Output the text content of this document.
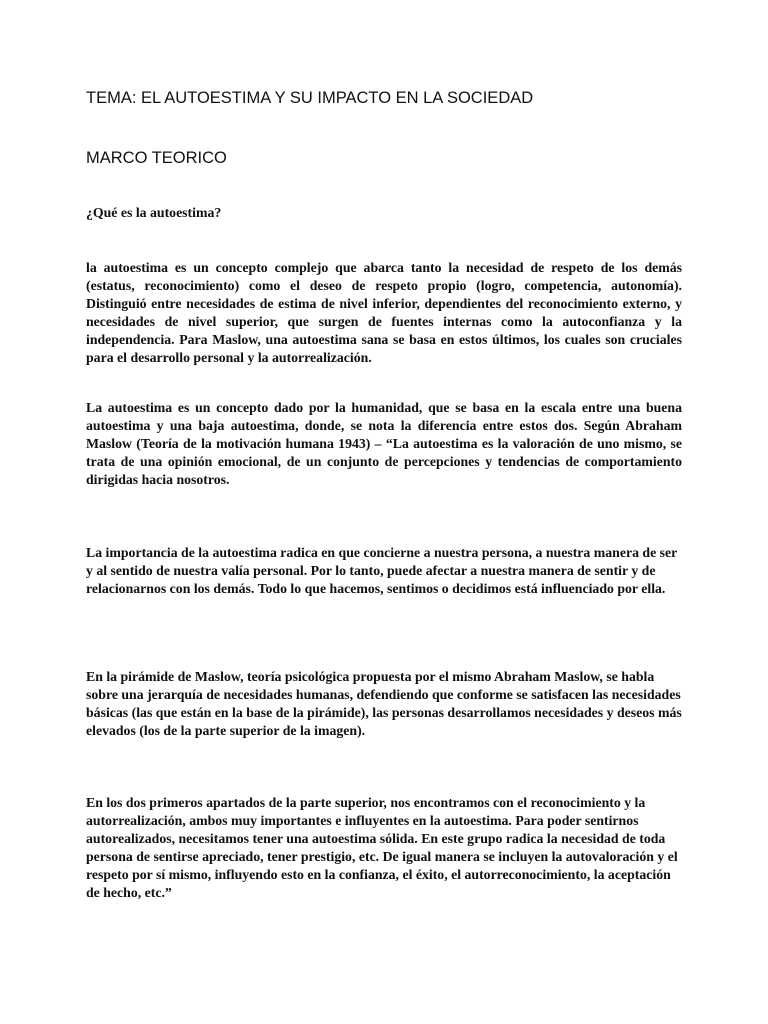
TEMA: EL AUTOESTIMA Y SU IMPACTO EN LA SOCIEDAD
MARCO TEORICO

¿Qué es la autoestima?

la autoestima es un concepto complejo que abarca tanto la necesidad de respeto de los demás (estatus, reconocimiento) como el deseo de respeto propio (logro, competencia, autonomía). Distinguió entre necesidades de estima de nivel inferior, dependientes del reconocimiento externo, y necesidades de nivel superior, que surgen de fuentes internas como la autoconfianza y la independencia. Para Maslow, una autoestima sana se basa en estos últimos, los cuales son cruciales para el desarrollo personal y la autorrealización.

La autoestima es un concepto dado por la humanidad, que se basa en la escala entre una buena autoestima y una baja autoestima, donde, se nota la diferencia entre estos dos. Según Abraham Maslow (Teoría de la motivación humana 1943) – “La autoestima es la valoración de uno mismo, se trata de una opinión emocional, de un conjunto de percepciones y tendencias de comportamiento dirigidas hacia nosotros.

La importancia de la autoestima radica en que concierne a nuestra persona, a nuestra manera de ser y al sentido de nuestra valía personal. Por lo tanto, puede afectar a nuestra manera de sentir y de relacionarnos con los demás. Todo lo que hacemos, sentimos o decidimos está influenciado por ella.

En la pirámide de Maslow, teoría psicológica propuesta por el mismo Abraham Maslow, se habla sobre una jerarquía de necesidades humanas, defendiendo que conforme se satisfacen las necesidades básicas (las que están en la base de la pirámide), las personas desarrollamos necesidades y deseos más elevados (los de la parte superior de la imagen).

En los dos primeros apartados de la parte superior, nos encontramos con el reconocimiento y la autorrealización, ambos muy importantes e influyentes en la autoestima. Para poder sentirnos autorealizados, necesitamos tener una autoestima sólida. En este grupo radica la necesidad de toda persona de sentirse apreciado, tener prestigio, etc. De igual manera se incluyen la autovaloración y el respeto por sí mismo, influyendo esto en la confianza, el éxito, el autorreconocimiento, la aceptación de hecho, etc.”
